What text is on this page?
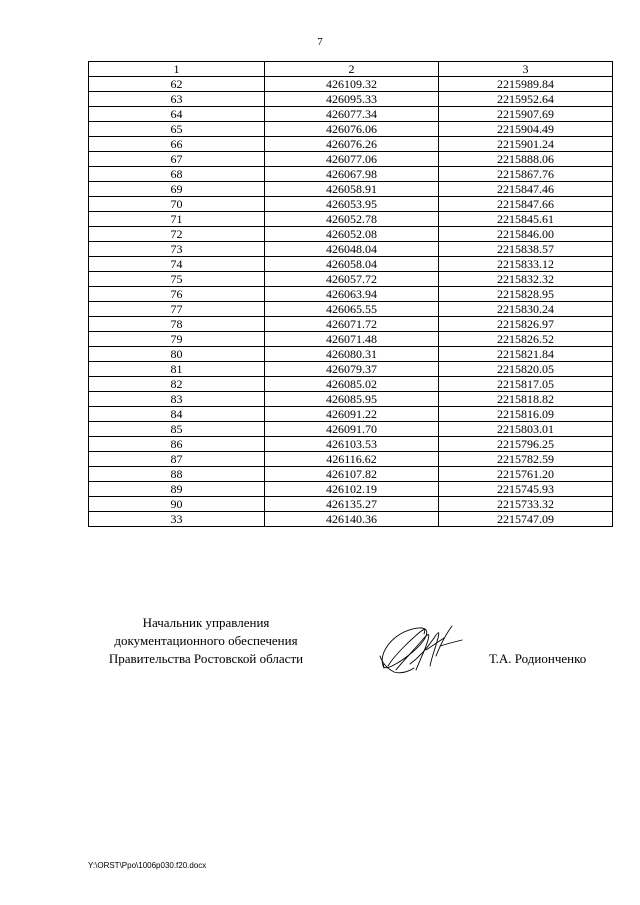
7
1	2	3
62	426109.32	2215989.84
63	426095.33	2215952.64
64	426077.34	2215907.69
65	426076.06	2215904.49
66	426076.26	2215901.24
67	426077.06	2215888.06
68	426067.98	2215867.76
69	426058.91	2215847.46
70	426053.95	2215847.66
71	426052.78	2215845.61
72	426052.08	2215846.00
73	426048.04	2215838.57
74	426058.04	2215833.12
75	426057.72	2215832.32
76	426063.94	2215828.95
77	426065.55	2215830.24
78	426071.72	2215826.97
79	426071.48	2215826.52
80	426080.31	2215821.84
81	426079.37	2215820.05
82	426085.02	2215817.05
83	426085.95	2215818.82
84	426091.22	2215816.09
85	426091.70	2215803.01
86	426103.53	2215796.25
87	426116.62	2215782.59
88	426107.82	2215761.20
89	426102.19	2215745.93
90	426135.27	2215733.32
33	426140.36	2215747.09
Начальник управления
документационного обеспечения
Правительства Ростовской области	Т.А. Родионченко
Y:\ORST\Ppo\1006p030.f20.docx
